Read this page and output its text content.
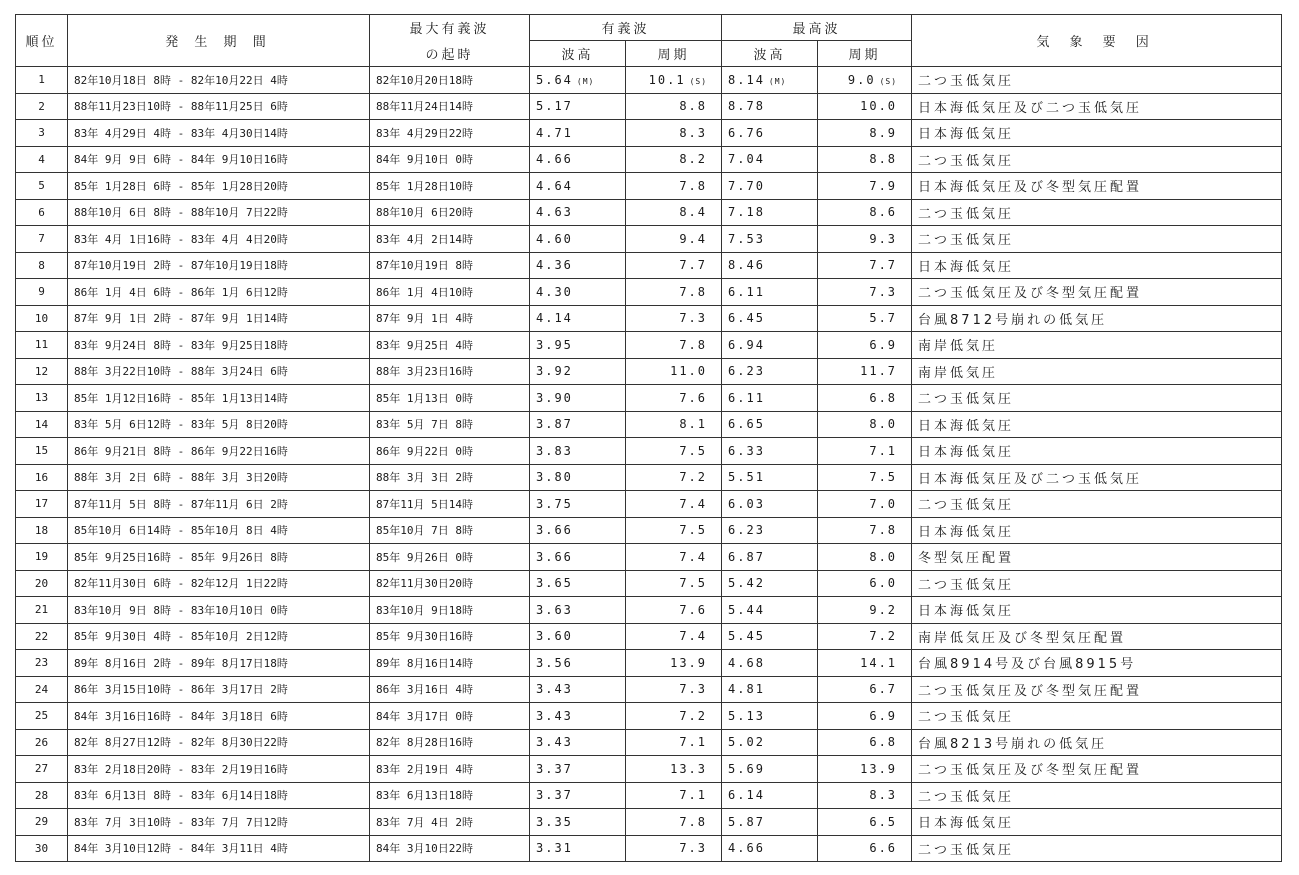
順位	発 生 期 間	最大有義波	有義波		最高波		気 象 要 因
		の起時	波高	周期	波高	周期	
1	82年10月18日 8時 - 82年10月22日 4時	82年10月20日18時	5.64 (M)	10.1 (S)	8.14 (M)	9.0 (S)	二つ玉低気圧
2	88年11月23日10時 - 88年11月25日 6時	88年11月24日14時	5.17	8.8	8.78	10.0	日本海低気圧及び二つ玉低気圧
3	83年 4月29日 4時 - 83年 4月30日14時	83年 4月29日22時	4.71	8.3	6.76	8.9	日本海低気圧
4	84年 9月 9日 6時 - 84年 9月10日16時	84年 9月10日 0時	4.66	8.2	7.04	8.8	二つ玉低気圧
5	85年 1月28日 6時 - 85年 1月28日20時	85年 1月28日10時	4.64	7.8	7.70	7.9	日本海低気圧及び冬型気圧配置
6	88年10月 6日 8時 - 88年10月 7日22時	88年10月 6日20時	4.63	8.4	7.18	8.6	二つ玉低気圧
7	83年 4月 1日16時 - 83年 4月 4日20時	83年 4月 2日14時	4.60	9.4	7.53	9.3	二つ玉低気圧
8	87年10月19日 2時 - 87年10月19日18時	87年10月19日 8時	4.36	7.7	8.46	7.7	日本海低気圧
9	86年 1月 4日 6時 - 86年 1月 6日12時	86年 1月 4日10時	4.30	7.8	6.11	7.3	二つ玉低気圧及び冬型気圧配置
10	87年 9月 1日 2時 - 87年 9月 1日14時	87年 9月 1日 4時	4.14	7.3	6.45	5.7	台風8712号崩れの低気圧
11	83年 9月24日 8時 - 83年 9月25日18時	83年 9月25日 4時	3.95	7.8	6.94	6.9	南岸低気圧
12	88年 3月22日10時 - 88年 3月24日 6時	88年 3月23日16時	3.92	11.0	6.23	11.7	南岸低気圧
13	85年 1月12日16時 - 85年 1月13日14時	85年 1月13日 0時	3.90	7.6	6.11	6.8	二つ玉低気圧
14	83年 5月 6日12時 - 83年 5月 8日20時	83年 5月 7日 8時	3.87	8.1	6.65	8.0	日本海低気圧
15	86年 9月21日 8時 - 86年 9月22日16時	86年 9月22日 0時	3.83	7.5	6.33	7.1	日本海低気圧
16	88年 3月 2日 6時 - 88年 3月 3日20時	88年 3月 3日 2時	3.80	7.2	5.51	7.5	日本海低気圧及び二つ玉低気圧
17	87年11月 5日 8時 - 87年11月 6日 2時	87年11月 5日14時	3.75	7.4	6.03	7.0	二つ玉低気圧
18	85年10月 6日14時 - 85年10月 8日 4時	85年10月 7日 8時	3.66	7.5	6.23	7.8	日本海低気圧
19	85年 9月25日16時 - 85年 9月26日 8時	85年 9月26日 0時	3.66	7.4	6.87	8.0	冬型気圧配置
20	82年11月30日 6時 - 82年12月 1日22時	82年11月30日20時	3.65	7.5	5.42	6.0	二つ玉低気圧
21	83年10月 9日 8時 - 83年10月10日 0時	83年10月 9日18時	3.63	7.6	5.44	9.2	日本海低気圧
22	85年 9月30日 4時 - 85年10月 2日12時	85年 9月30日16時	3.60	7.4	5.45	7.2	南岸低気圧及び冬型気圧配置
23	89年 8月16日 2時 - 89年 8月17日18時	89年 8月16日14時	3.56	13.9	4.68	14.1	台風8914号及び台風8915号
24	86年 3月15日10時 - 86年 3月17日 2時	86年 3月16日 4時	3.43	7.3	4.81	6.7	二つ玉低気圧及び冬型気圧配置
25	84年 3月16日16時 - 84年 3月18日 6時	84年 3月17日 0時	3.43	7.2	5.13	6.9	二つ玉低気圧
26	82年 8月27日12時 - 82年 8月30日22時	82年 8月28日16時	3.43	7.1	5.02	6.8	台風8213号崩れの低気圧
27	83年 2月18日20時 - 83年 2月19日16時	83年 2月19日 4時	3.37	13.3	5.69	13.9	二つ玉低気圧及び冬型気圧配置
28	83年 6月13日 8時 - 83年 6月14日18時	83年 6月13日18時	3.37	7.1	6.14	8.3	二つ玉低気圧
29	83年 7月 3日10時 - 83年 7月 7日12時	83年 7月 4日 2時	3.35	7.8	5.87	6.5	日本海低気圧
30	84年 3月10日12時 - 84年 3月11日 4時	84年 3月10日22時	3.31	7.3	4.66	6.6	二つ玉低気圧
